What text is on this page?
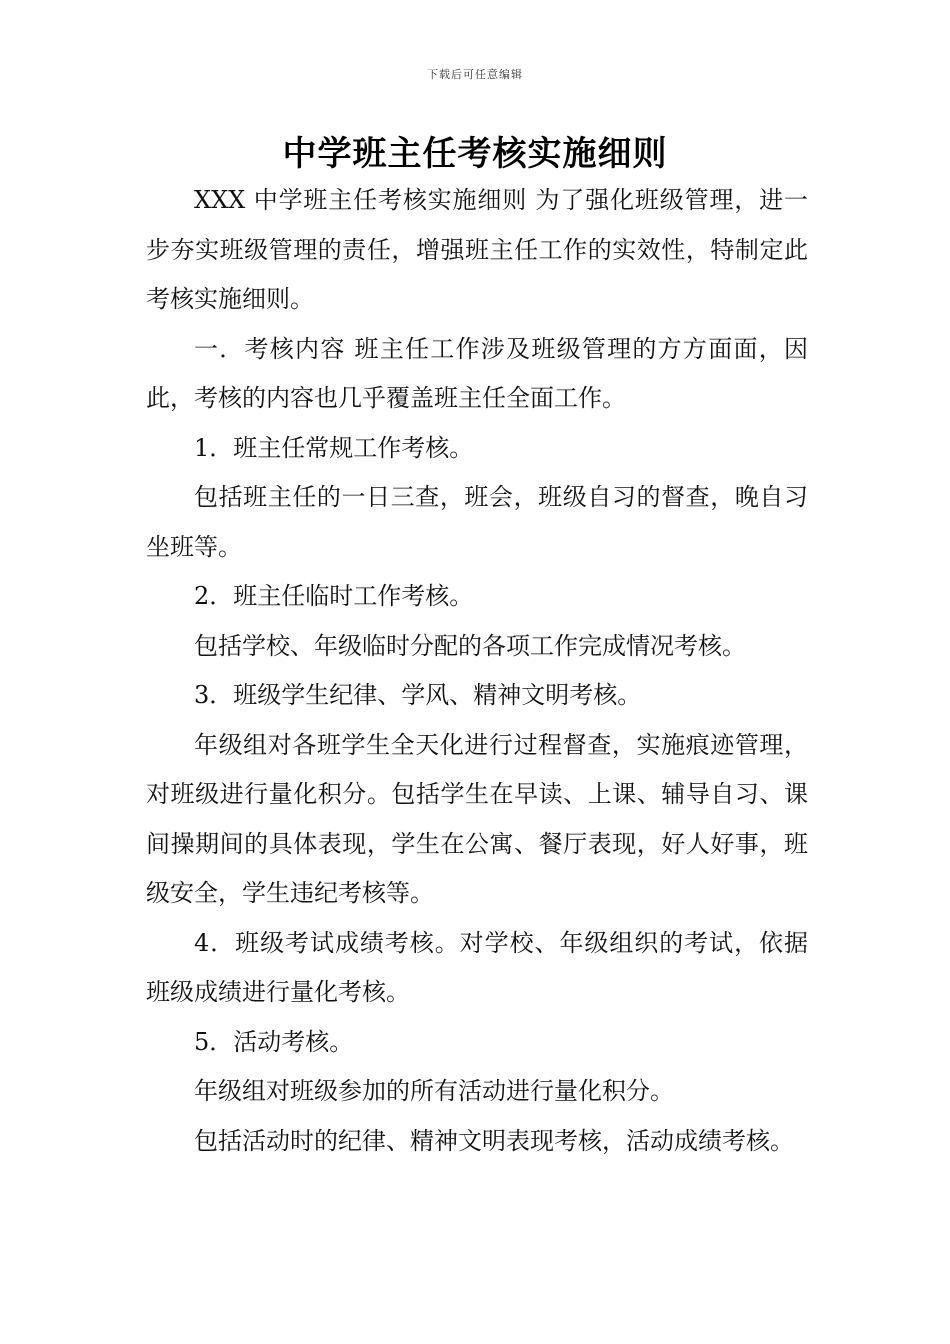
下载后可任意编辑
中学班主任考核实施细则

XXX 中学班主任考核实施细则 为了强化班级管理，进一步夯实班级管理的责任，增强班主任工作的实效性，特制定此考核实施细则。

一．考核内容 班主任工作涉及班级管理的方方面面，因此，考核的内容也几乎覆盖班主任全面工作。

1．班主任常规工作考核。

包括班主任的一日三查，班会，班级自习的督查，晚自习坐班等。

2．班主任临时工作考核。

包括学校、年级临时分配的各项工作完成情况考核。

3．班级学生纪律、学风、精神文明考核。

年级组对各班学生全天化进行过程督查，实施痕迹管理，对班级进行量化积分。包括学生在早读、上课、辅导自习、课间操期间的具体表现，学生在公寓、餐厅表现，好人好事，班级安全，学生违纪考核等。

4．班级考试成绩考核。对学校、年级组织的考试，依据班级成绩进行量化考核。

5．活动考核。

年级组对班级参加的所有活动进行量化积分。

包括活动时的纪律、精神文明表现考核，活动成绩考核。
